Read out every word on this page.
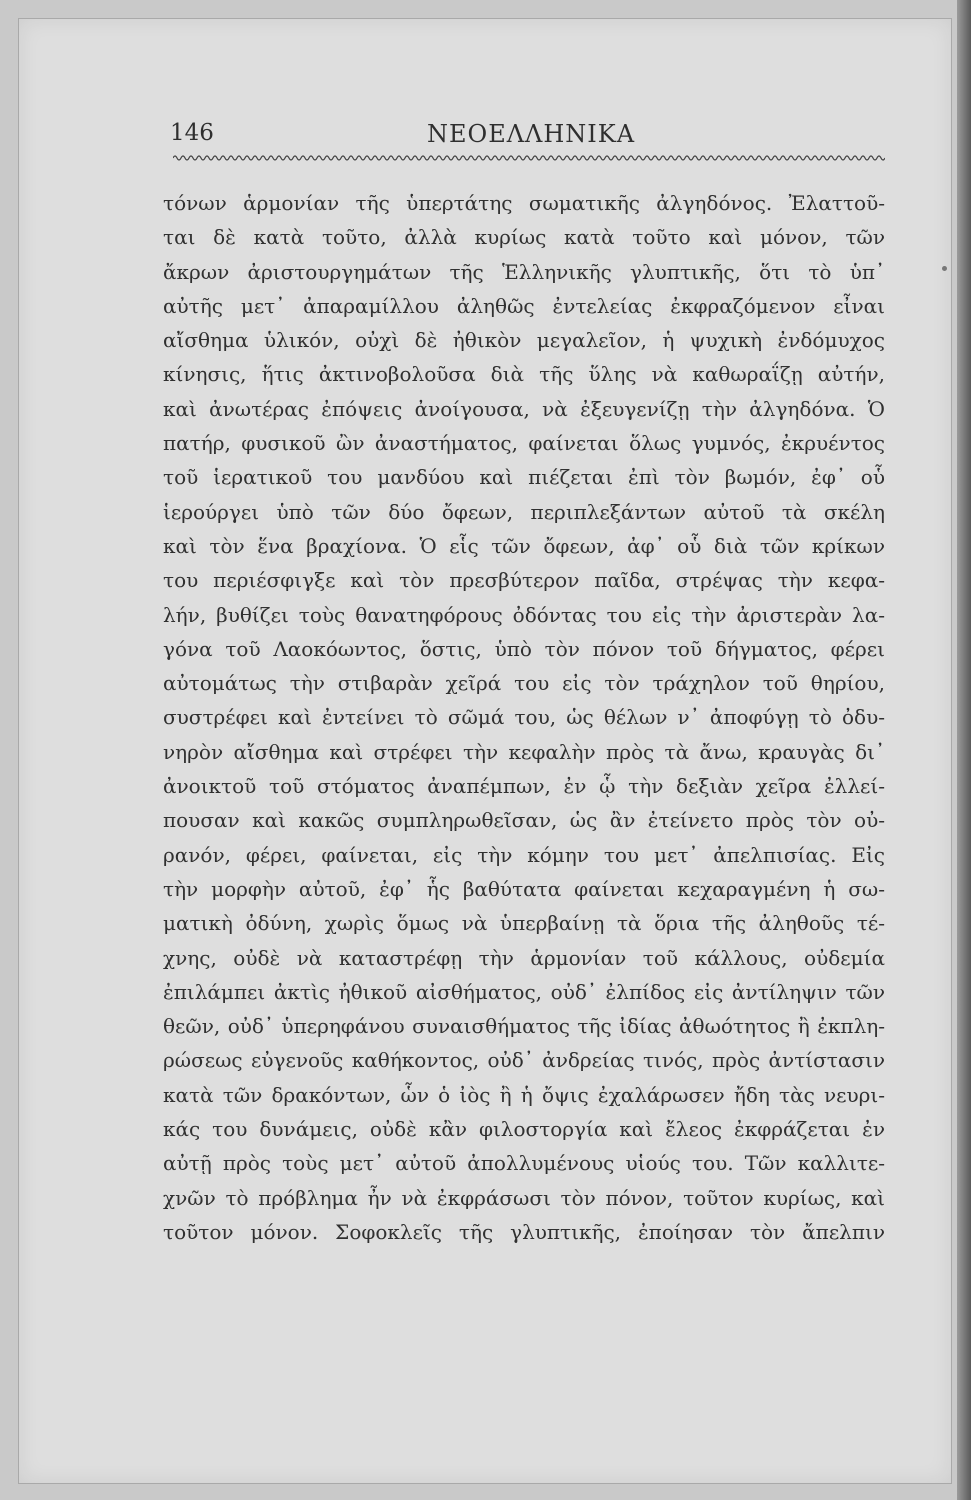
146	ΝΕΟΕΛΛΗΝΙΚΑ
τόνων ἁρμονίαν τῆς ὑπερτάτης σωματικῆς ἀλγηδόνος. Ἐλαττοῦ-
ται δὲ κατὰ τοῦτο, ἀλλὰ κυρίως κατὰ τοῦτο καὶ μόνον, τῶν
ἄκρων ἀριστουργημάτων τῆς Ἑλληνικῆς γλυπτικῆς, ὅτι τὸ ὑπ᾽
αὐτῆς μετ᾽ ἀπαραμίλλου ἀληθῶς ἐντελείας ἐκφραζόμενον εἶναι
αἴσθημα ὑλικόν, οὐχὶ δὲ ἠθικὸν μεγαλεῖον, ἡ ψυχικὴ ἐνδόμυχος
κίνησις, ἥτις ἀκτινοβολοῦσα διὰ τῆς ὕλης νὰ καθωραΐζῃ αὐτήν,
καὶ ἀνωτέρας ἐπόψεις ἀνοίγουσα, νὰ ἐξευγενίζῃ τὴν ἀλγηδόνα. Ὁ
πατήρ, φυσικοῦ ὢν ἀναστήματος, φαίνεται ὅλως γυμνός, ἐκρυέντος
τοῦ ἱερατικοῦ του μανδύου καὶ πιέζεται ἐπὶ τὸν βωμόν, ἐφ᾽ οὗ
ἱερούργει ὑπὸ τῶν δύο ὄφεων, περιπλεξάντων αὐτοῦ τὰ σκέλη
καὶ τὸν ἕνα βραχίονα. Ὁ εἷς τῶν ὄφεων, ἀφ᾽ οὗ διὰ τῶν κρίκων
του περιέσφιγξε καὶ τὸν πρεσβύτερον παῖδα, στρέψας τὴν κεφα-
λήν, βυθίζει τοὺς θανατηφόρους ὀδόντας του εἰς τὴν ἀριστερὰν λα-
γόνα τοῦ Λαοκόωντος, ὅστις, ὑπὸ τὸν πόνον τοῦ δήγματος, φέρει
αὐτομάτως τὴν στιβαρὰν χεῖρά του εἰς τὸν τράχηλον τοῦ θηρίου,
συστρέφει καὶ ἐντείνει τὸ σῶμά του, ὡς θέλων ν᾽ ἀποφύγῃ τὸ ὀδυ-
νηρὸν αἴσθημα καὶ στρέφει τὴν κεφαλὴν πρὸς τὰ ἄνω, κραυγὰς δι᾽
ἀνοικτοῦ τοῦ στόματος ἀναπέμπων, ἐν ᾧ τὴν δεξιὰν χεῖρα ἐλλεί-
πουσαν καὶ κακῶς συμπληρωθεῖσαν, ὡς ἂν ἐτείνετο πρὸς τὸν οὐ-
ρανόν, φέρει, φαίνεται, εἰς τὴν κόμην του μετ᾽ ἀπελπισίας. Εἰς
τὴν μορφὴν αὐτοῦ, ἐφ᾽ ἧς βαθύτατα φαίνεται κεχαραγμένη ἡ σω-
ματικὴ ὀδύνη, χωρὶς ὅμως νὰ ὑπερβαίνῃ τὰ ὅρια τῆς ἀληθοῦς τέ-
χνης, οὐδὲ νὰ καταστρέφῃ τὴν ἁρμονίαν τοῦ κάλλους, οὐδεμία
ἐπιλάμπει ἀκτὶς ἠθικοῦ αἰσθήματος, οὐδ᾽ ἐλπίδος εἰς ἀντίληψιν τῶν
θεῶν, οὐδ᾽ ὑπερηφάνου συναισθήματος τῆς ἰδίας ἀθωότητος ἢ ἐκπλη-
ρώσεως εὐγενοῦς καθήκοντος, οὐδ᾽ ἀνδρείας τινός, πρὸς ἀντίστασιν
κατὰ τῶν δρακόντων, ὧν ὁ ἰὸς ἢ ἡ ὄψις ἐχαλάρωσεν ἤδη τὰς νευρι-
κάς του δυνάμεις, οὐδὲ κἂν φιλοστοργία καὶ ἔλεος ἐκφράζεται ἐν
αὐτῇ πρὸς τοὺς μετ᾽ αὐτοῦ ἀπολλυμένους υἱούς του. Τῶν καλλιτε-
χνῶν τὸ πρόβλημα ἦν νὰ ἐκφράσωσι τὸν πόνον, τοῦτον κυρίως, καὶ
τοῦτον μόνον. Σοφοκλεῖς τῆς γλυπτικῆς, ἐποίησαν τὸν ἄπελπιν
